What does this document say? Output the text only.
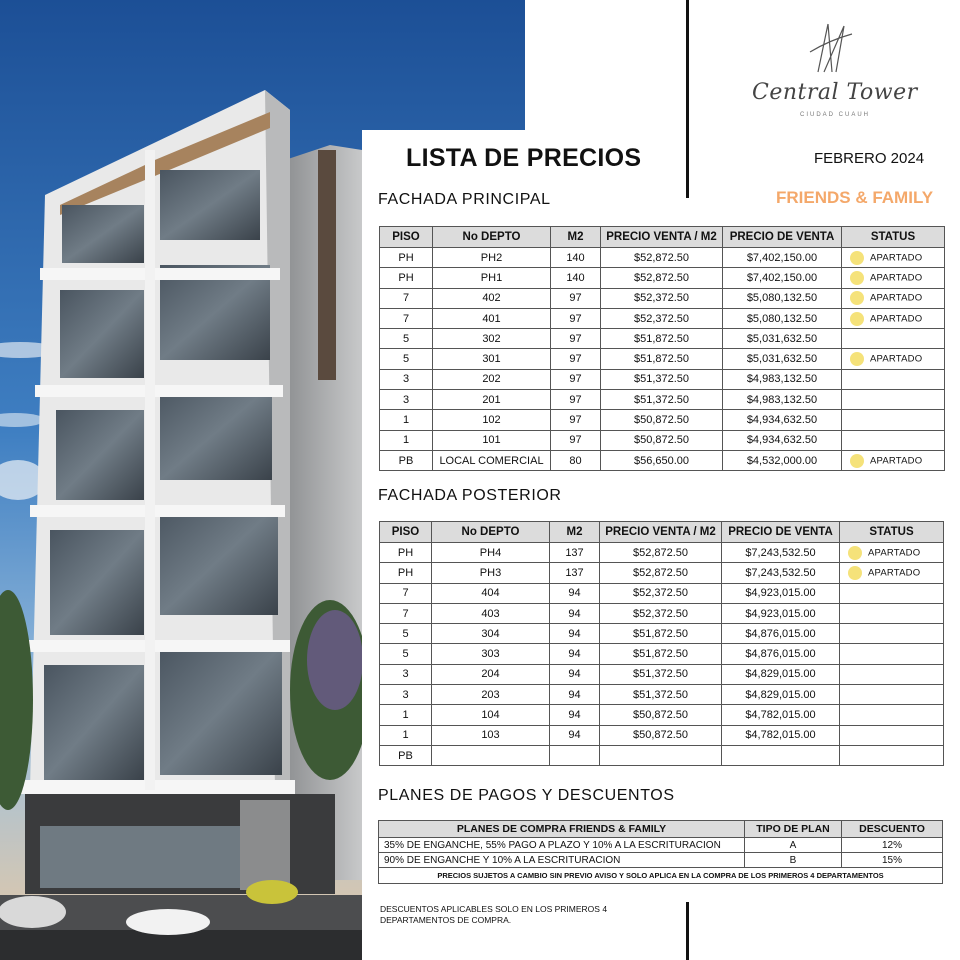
Central Tower
CIUDAD CUAUH
LISTA DE PRECIOS	FEBRERO 2024
FRIENDS & FAMILY
FACHADA PRINCIPAL
PISO	No DEPTO	M2	PRECIO VENTA / M2	PRECIO DE VENTA	STATUS
PH	PH2	140	$52,872.50	$7,402,150.00	APARTADO
PH	PH1	140	$52,872.50	$7,402,150.00	APARTADO
7	402	97	$52,372.50	$5,080,132.50	APARTADO
7	401	97	$52,372.50	$5,080,132.50	APARTADO
5	302	97	$51,872.50	$5,031,632.50	
5	301	97	$51,872.50	$5,031,632.50	APARTADO
3	202	97	$51,372.50	$4,983,132.50	
3	201	97	$51,372.50	$4,983,132.50	
1	102	97	$50,872.50	$4,934,632.50	
1	101	97	$50,872.50	$4,934,632.50	
PB	LOCAL COMERCIAL	80	$56,650.00	$4,532,000.00	APARTADO
FACHADA POSTERIOR
PISO	No DEPTO	M2	PRECIO VENTA / M2	PRECIO DE VENTA	STATUS
PH	PH4	137	$52,872.50	$7,243,532.50	APARTADO
PH	PH3	137	$52,872.50	$7,243,532.50	APARTADO
7	404	94	$52,372.50	$4,923,015.00	
7	403	94	$52,372.50	$4,923,015.00	
5	304	94	$51,872.50	$4,876,015.00	
5	303	94	$51,872.50	$4,876,015.00	
3	204	94	$51,372.50	$4,829,015.00	
3	203	94	$51,372.50	$4,829,015.00	
1	104	94	$50,872.50	$4,782,015.00	
1	103	94	$50,872.50	$4,782,015.00	
PB					
PLANES DE PAGOS Y DESCUENTOS
PLANES DE COMPRA FRIENDS & FAMILY	TIPO DE PLAN	DESCUENTO
35% DE ENGANCHE, 55% PAGO A PLAZO Y 10% A LA ESCRITURACION	A	12%
90% DE ENGANCHE Y 10% A LA ESCRITURACION	B	15%
PRECIOS SUJETOS A CAMBIO SIN PREVIO AVISO Y SOLO APLICA EN LA COMPRA DE LOS PRIMEROS 4 DEPARTAMENTOS		
DESCUENTOS APLICABLES SOLO EN LOS PRIMEROS 4 DEPARTAMENTOS DE COMPRA.
